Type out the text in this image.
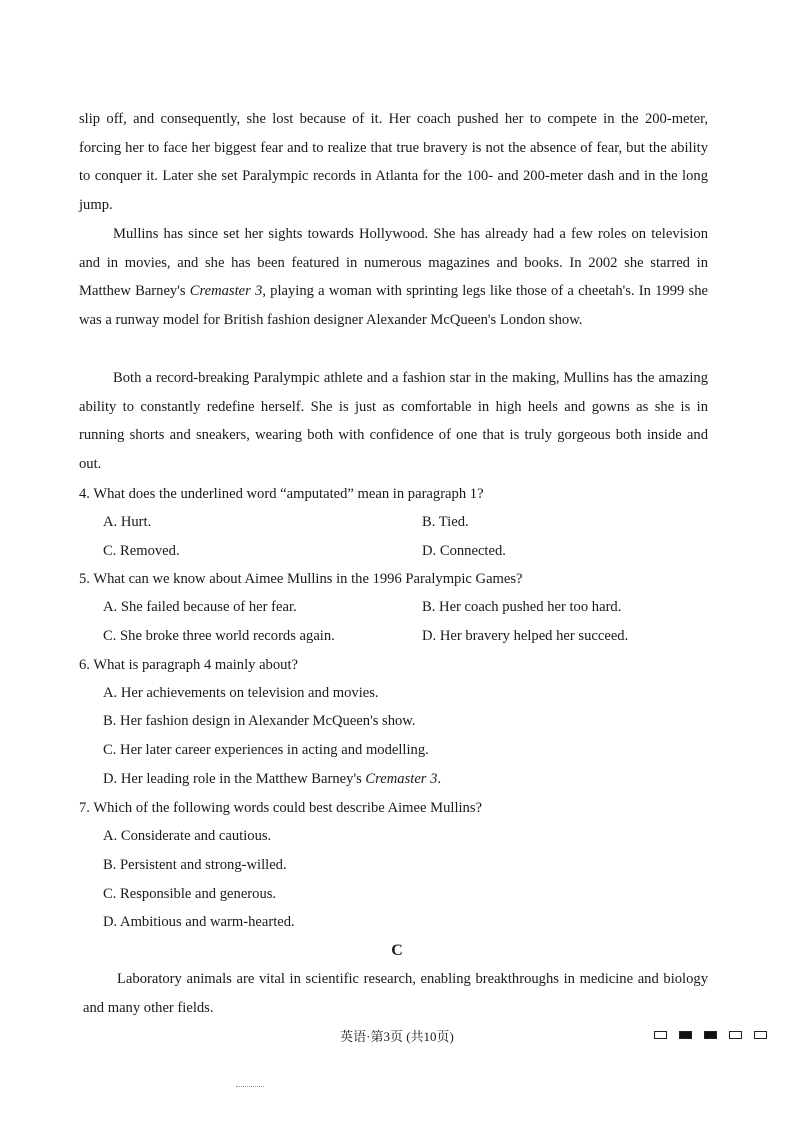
slip off, and consequently, she lost because of it. Her coach pushed her to compete in the 200-meter, forcing her to face her biggest fear and to realize that true bravery is not the absence of fear, but the ability to conquer it. Later she set Paralympic records in Atlanta for the 100- and 200-meter dash and in the long jump.

Mullins has since set her sights towards Hollywood. She has already had a few roles on television and in movies, and she has been featured in numerous magazines and books. In 2002 she starred in Matthew Barney's Cremaster 3, playing a woman with sprinting legs like those of a cheetah's. In 1999 she was a runway model for British fashion designer Alexander McQueen's London show.

Both a record-breaking Paralympic athlete and a fashion star in the making, Mullins has the amazing ability to constantly redefine herself. She is just as comfortable in high heels and gowns as she is in running shorts and sneakers, wearing both with confidence of one that is truly gorgeous both inside and out.

4. What does the underlined word “amputated” mean in paragraph 1?

A. Hurt.	B. Tied.

C. Removed.	D. Connected.

5. What can we know about Aimee Mullins in the 1996 Paralympic Games?

A. She failed because of her fear.	B. Her coach pushed her too hard.

C. She broke three world records again.	D. Her bravery helped her succeed.

6. What is paragraph 4 mainly about?

A. Her achievements on television and movies.

B. Her fashion design in Alexander McQueen's show.

C. Her later career experiences in acting and modelling.

D. Her leading role in the Matthew Barney's Cremaster 3.

7. Which of the following words could best describe Aimee Mullins?

A. Considerate and cautious.

B. Persistent and strong-willed.

C. Responsible and generous.

D. Ambitious and warm-hearted.

C

Laboratory animals are vital in scientific research, enabling breakthroughs in medicine and biology and many other fields.

英语·第3页 (共10页)
